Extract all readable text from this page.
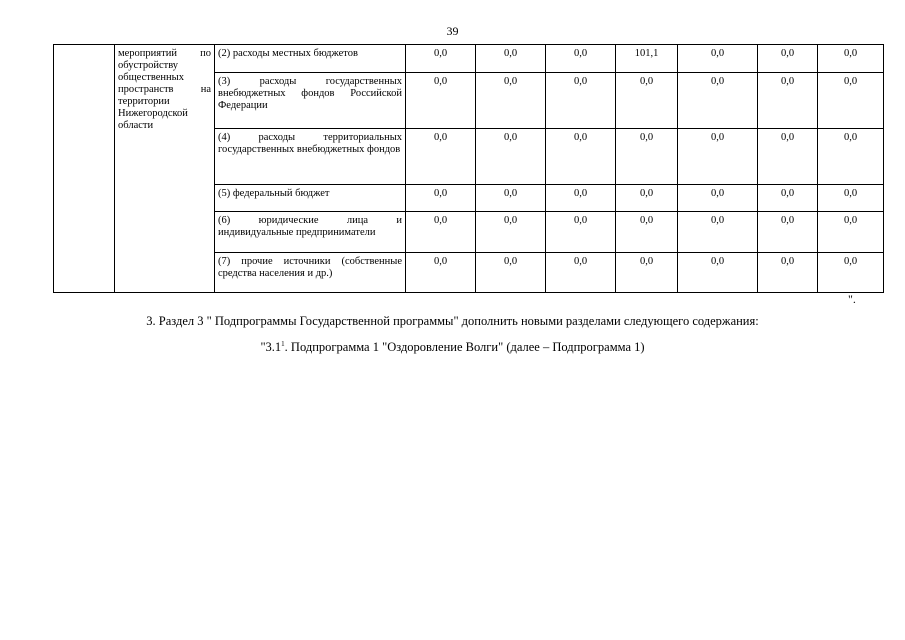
39
	мероприятий по обустройству общественных пространств на территории Нижегородской области	(2) расходы местных бюджетов	0,0	0,0	0,0	101,1	0,0	0,0	0,0
		(3) расходы государственных внебюджетных фондов Российской Федерации	0,0	0,0	0,0	0,0	0,0	0,0	0,0
		(4) расходы территориальных государственных внебюджетных фондов	0,0	0,0	0,0	0,0	0,0	0,0	0,0
		(5) федеральный бюджет	0,0	0,0	0,0	0,0	0,0	0,0	0,0
		(6) юридические лица и индивидуальные предприниматели	0,0	0,0	0,0	0,0	0,0	0,0	0,0
		(7) прочие источники (собственные средства населения и др.)	0,0	0,0	0,0	0,0	0,0	0,0	0,0
".
3. Раздел 3 " Подпрограммы Государственной программы" дополнить новыми разделами следующего содержания:
"$3.1^1$. Подпрограмма 1 "Оздоровление Волги" (далее – Подпрограмма 1)
